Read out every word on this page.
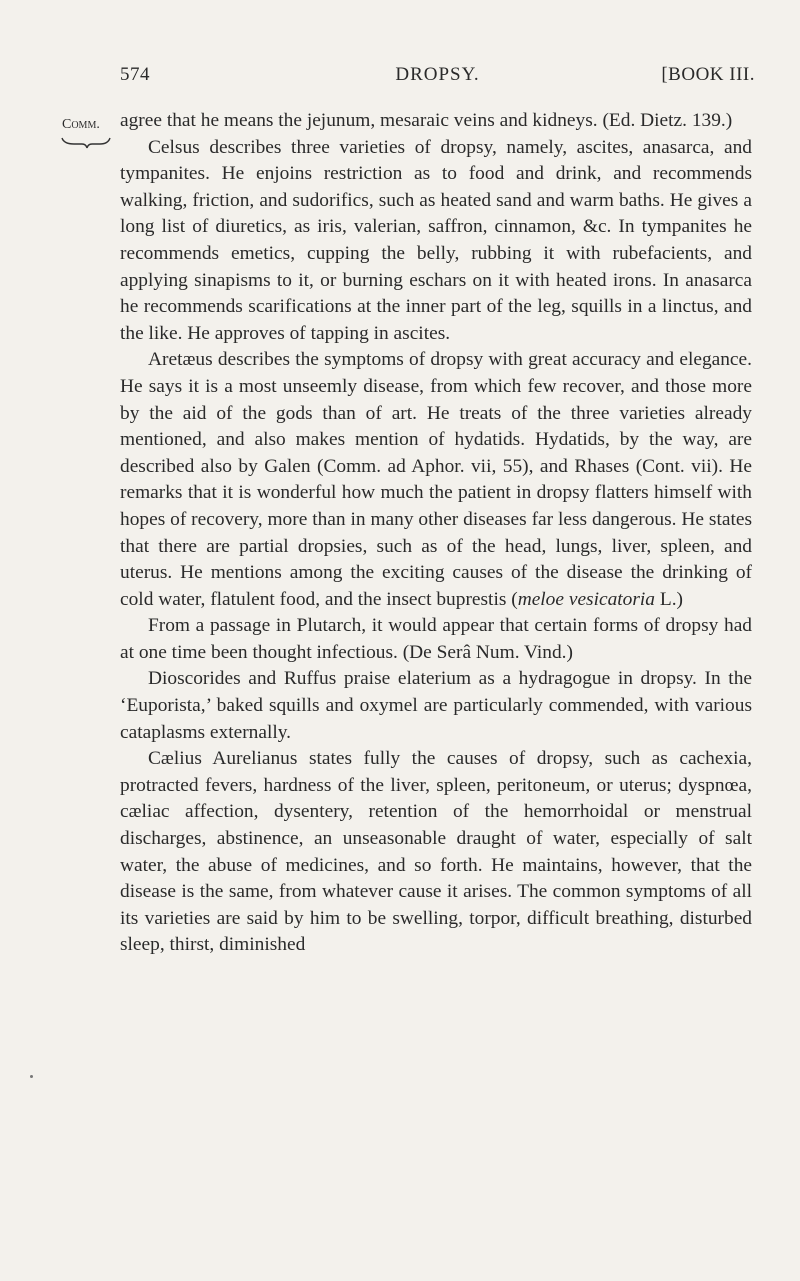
574	DROPSY.	[BOOK III.
Comm. agree that he means the jejunum, mesaraic veins and kidneys. (Ed. Dietz. 139.)

Celsus describes three varieties of dropsy, namely, ascites, anasarca, and tympanites. He enjoins restriction as to food and drink, and recommends walking, friction, and sudorifics, such as heated sand and warm baths. He gives a long list of diuretics, as iris, valerian, saffron, cinnamon, &c. In tympanites he recommends emetics, cupping the belly, rubbing it with rubefacients, and applying sinapisms to it, or burning eschars on it with heated irons. In anasarca he recommends scarifications at the inner part of the leg, squills in a linctus, and the like. He approves of tapping in ascites.

Aretæus describes the symptoms of dropsy with great accuracy and elegance. He says it is a most unseemly disease, from which few recover, and those more by the aid of the gods than of art. He treats of the three varieties already mentioned, and also makes mention of hydatids. Hydatids, by the way, are described also by Galen (Comm. ad Aphor. vii, 55), and Rhases (Cont. vii). He remarks that it is wonderful how much the patient in dropsy flatters himself with hopes of recovery, more than in many other diseases far less dangerous. He states that there are partial dropsies, such as of the head, lungs, liver, spleen, and uterus. He mentions among the exciting causes of the disease the drinking of cold water, flatulent food, and the insect buprestis (meloe vesicatoria L.)

From a passage in Plutarch, it would appear that certain forms of dropsy had at one time been thought infectious. (De Serâ Num. Vind.)

Dioscorides and Ruffus praise elaterium as a hydragogue in dropsy. In the ‘Euporista,’ baked squills and oxymel are particularly commended, with various cataplasms externally.

Cælius Aurelianus states fully the causes of dropsy, such as cachexia, protracted fevers, hardness of the liver, spleen, peritoneum, or uterus; dyspnœa, cæliac affection, dysentery, retention of the hemorrhoidal or menstrual discharges, abstinence, an unseasonable draught of water, especially of salt water, the abuse of medicines, and so forth. He maintains, however, that the disease is the same, from whatever cause it arises. The common symptoms of all its varieties are said by him to be swelling, torpor, difficult breathing, disturbed sleep, thirst, diminished
